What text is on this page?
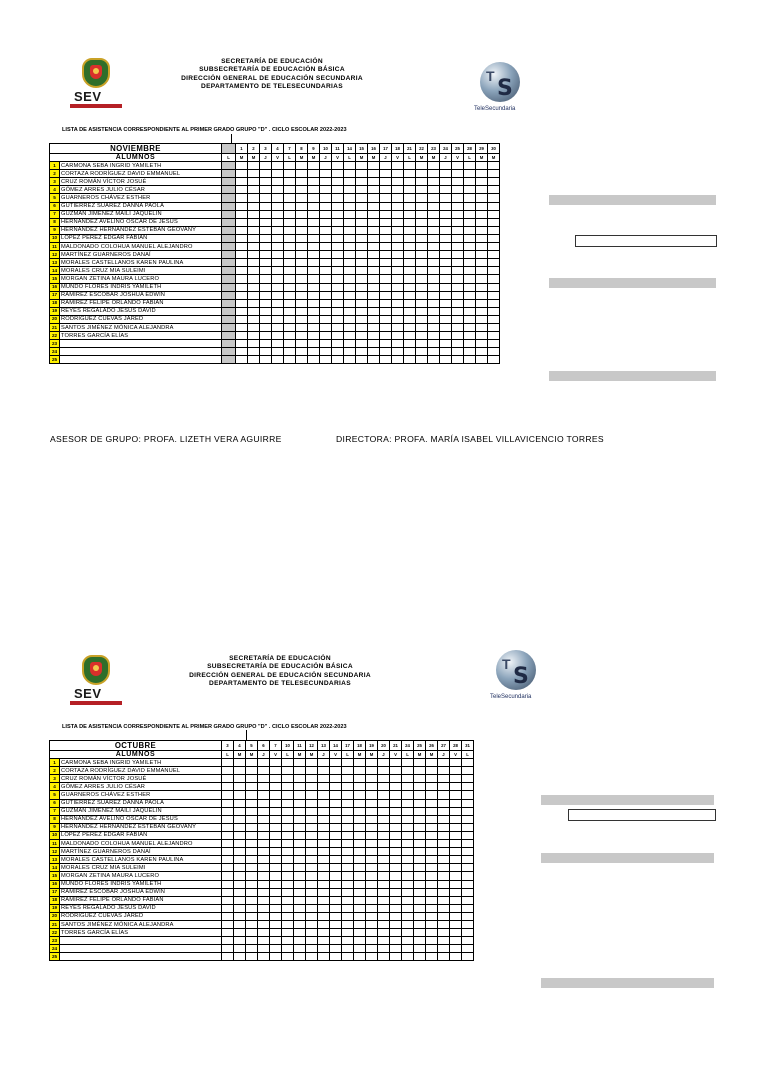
SEV
SECRETARÍA DE EDUCACIÓN
SUBSECRETARÍA DE EDUCACIÓN BÁSICA
DIRECCIÓN GENERAL DE EDUCACIÓN SECUNDARIA
DEPARTAMENTO DE TELESECUNDARIAS
T S
TeleSecundaria
LISTA DE ASISTENCIA CORRESPONDIENTE AL PRIMER GRADO GRUPO "D" . CICLO ESCOLAR 2022-2023
NOVIEMBRE			1	2	3	4	7	8	9	10	11	14	15	16	17	18	21	22	23	24	25	28	29	30
ALUMNOS		L	M	M	J	V	L	M	M	J	V	L	M	M	J	V	L	M	M	J	V	L	M	M
1	CARMONA SEBA INGRID YAMILETH																							
2	CORTAZA RODRÍGUEZ DAVID EMMANUEL																							
3	CRUZ ROMÁN VÍCTOR JOSUÉ																							
4	GÓMEZ ARRES JULIO CÉSAR																							
5	GUARNEROS CHÁVEZ ESTHER																							
6	GUTIÉRREZ SUÁREZ DANNA PAOLA																							
7	GUZMÁN JIMÉNEZ MAILI JAQUELIN																							
8	HERNÁNDEZ AVELINO OSCAR DE JESÚS																							
9	HERNÁNDEZ HERNÁNDEZ ESTEBAN GEOVANY																							
10	LÓPEZ PÉREZ EDGAR FABIÁN																							
11	MALDONADO COLOHUA MANUEL ALEJANDRO																							
12	MARTÍNEZ GUARNEROS DANAÍ																							
13	MORALES CASTELLANOS KAREN PAULINA																							
14	MORALES CRUZ MIA SULEIMI																							
15	MORGAN ZETINA MAURA LUCERO																							
16	MUNDO FLORES INDRIS YAMILETH																							
17	RAMÍREZ ESCOBAR JOSHUA EDWIN																							
18	RAMÍREZ FELIPE ORLANDO FABIÁN																							
19	REYES REGALADO JESÚS DAVID																							
20	RODRÍGUEZ CUEVAS JARED																							
21	SANTOS JIMÉNEZ MÓNICA ALEJANDRA																							
22	TORRES GARCÍA ELÍAS																							
23																								
24																								
25																								
ASESOR DE GRUPO: PROFA. LIZETH VERA AGUIRRE	DIRECTORA: PROFA. MARÍA ISABEL VILLAVICENCIO TORRES
SEV
SECRETARÍA DE EDUCACIÓN
SUBSECRETARÍA DE EDUCACIÓN BÁSICA
DIRECCIÓN GENERAL DE EDUCACIÓN SECUNDARIA
DEPARTAMENTO DE TELESECUNDARIAS
T S
TeleSecundaria
LISTA DE ASISTENCIA CORRESPONDIENTE AL PRIMER GRADO GRUPO "D" . CICLO ESCOLAR 2022-2023
OCTUBRE		3	4	5	6	7	10	11	12	13	14	17	18	19	20	21	24	25	26	27	28	31
ALUMNOS		L	M	M	J	V	L	M	M	J	V	L	M	M	J	V	L	M	M	J	V	L
1	CARMONA SEBA INGRID YAMILETH																					
2	CORTAZA RODRÍGUEZ DAVID EMMANUEL																					
3	CRUZ ROMÁN VÍCTOR JOSUÉ																					
4	GÓMEZ ARRES JULIO CÉSAR																					
5	GUARNEROS CHÁVEZ ESTHER																					
6	GUTIÉRREZ SUÁREZ DANNA PAOLA																					
7	GUZMÁN JIMÉNEZ MAILI JAQUELIN																					
8	HERNÁNDEZ AVELINO OSCAR DE JESÚS																					
9	HERNÁNDEZ HERNÁNDEZ ESTEBAN GEOVANY																					
10	LÓPEZ PÉREZ EDGAR FABIÁN																					
11	MALDONADO COLOHUA MANUEL ALEJANDRO																					
12	MARTÍNEZ GUARNEROS DANAÍ																					
13	MORALES CASTELLANOS KAREN PAULINA																					
14	MORALES CRUZ MIA SULEIMI																					
15	MORGAN ZETINA MAURA LUCERO																					
16	MUNDO FLORES INDRIS YAMILETH																					
17	RAMÍREZ ESCOBAR JOSHUA EDWIN																					
18	RAMÍREZ FELIPE ORLANDO FABIÁN																					
19	REYES REGALADO JESÚS DAVID																					
20	RODRÍGUEZ CUEVAS JARED																					
21	SANTOS JIMÉNEZ MÓNICA ALEJANDRA																					
22	TORRES GARCÍA ELÍAS																					
23																						
24																						
25																						
